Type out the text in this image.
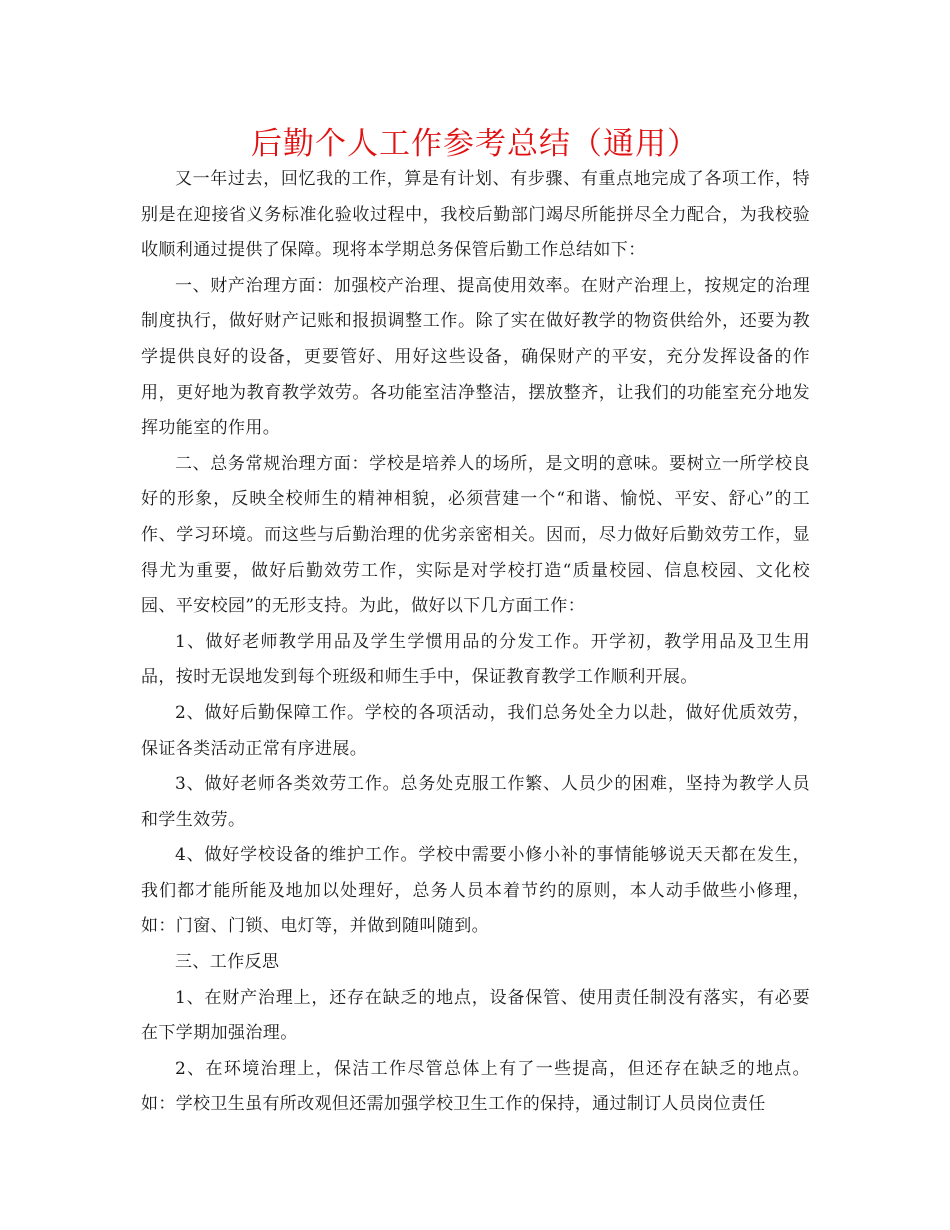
后勤个人工作参考总结（通用）

又一年过去，回忆我的工作，算是有计划、有步骤、有重点地完成了各项工作，特别是在迎接省义务标准化验收过程中，我校后勤部门竭尽所能拼尽全力配合，为我校验收顺利通过提供了保障。现将本学期总务保管后勤工作总结如下：

一、财产治理方面：加强校产治理、提高使用效率。在财产治理上，按规定的治理制度执行，做好财产记账和报损调整工作。除了实在做好教学的物资供给外，还要为教学提供良好的设备，更要管好、用好这些设备，确保财产的平安，充分发挥设备的作用，更好地为教育教学效劳。各功能室洁净整洁，摆放整齐，让我们的功能室充分地发挥功能室的作用。

二、总务常规治理方面：学校是培养人的场所，是文明的意味。要树立一所学校良好的形象，反映全校师生的精神相貌，必须营建一个“和谐、愉悦、平安、舒心”的工作、学习环境。而这些与后勤治理的优劣亲密相关。因而，尽力做好后勤效劳工作，显得尤为重要，做好后勤效劳工作，实际是对学校打造“质量校园、信息校园、文化校园、平安校园”的无形支持。为此，做好以下几方面工作：

1、做好老师教学用品及学生学惯用品的分发工作。开学初，教学用品及卫生用品，按时无误地发到每个班级和师生手中，保证教育教学工作顺利开展。

2、做好后勤保障工作。学校的各项活动，我们总务处全力以赴，做好优质效劳，保证各类活动正常有序进展。

3、做好老师各类效劳工作。总务处克服工作繁、人员少的困难，坚持为教学人员和学生效劳。

4、做好学校设备的维护工作。学校中需要小修小补的事情能够说天天都在发生，我们都才能所能及地加以处理好，总务人员本着节约的原则，本人动手做些小修理，如：门窗、门锁、电灯等，并做到随叫随到。

三、工作反思

1、在财产治理上，还存在缺乏的地点，设备保管、使用责任制没有落实，有必要在下学期加强治理。

2、在环境治理上，保洁工作尽管总体上有了一些提高，但还存在缺乏的地点。如：学校卫生虽有所改观但还需加强学校卫生工作的保持，通过制订人员岗位责任
